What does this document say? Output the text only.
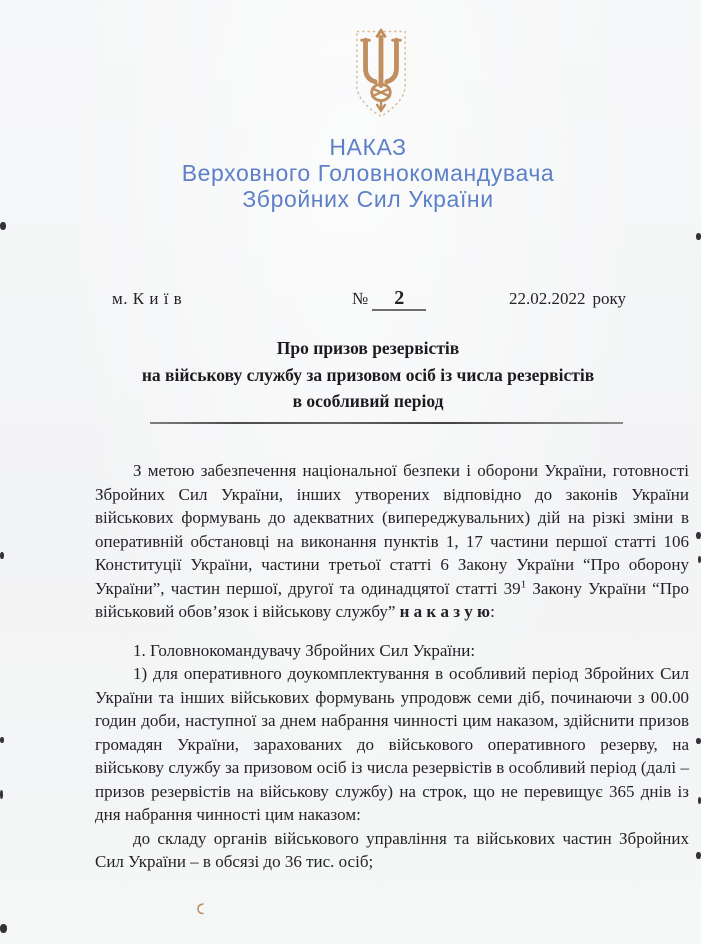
НАКАЗ
Верховного Головнокомандувача
Збройних Сил України
м. К и ї в	№ 2	22.02.2022 року
Про призов резервістів
на військову службу за призовом осіб із числа резервістів
в особливий період

З метою забезпечення національної безпеки і оборони України, готовності Збройних Сил України, інших утворених відповідно до законів України військових формувань до адекватних (випереджувальних) дій на різкі зміни в оперативній обстановці на виконання пунктів 1, 17 частини першої статті 106 Конституції України, частини третьої статті 6 Закону України “Про оборону України”, частин першої, другої та одинадцятої статті $39^1$ Закону України “Про військовий обов’язок і військову службу” н а к а з у ю:

1. Головнокомандувачу Збройних Сил України:

1) для оперативного доукомплектування в особливий період Збройних Сил України та інших військових формувань упродовж семи діб, починаючи з 00.00 годин доби, наступної за днем набрання чинності цим наказом, здійснити призов громадян України, зарахованих до військового оперативного резерву, на військову службу за призовом осіб із числа резервістів в особливий період (далі – призов резервістів на військову службу) на строк, що не перевищує 365 днів із дня набрання чинності цим наказом:

до складу органів військового управління та військових частин Збройних Сил України – в обсязі до 36 тис. осіб;
